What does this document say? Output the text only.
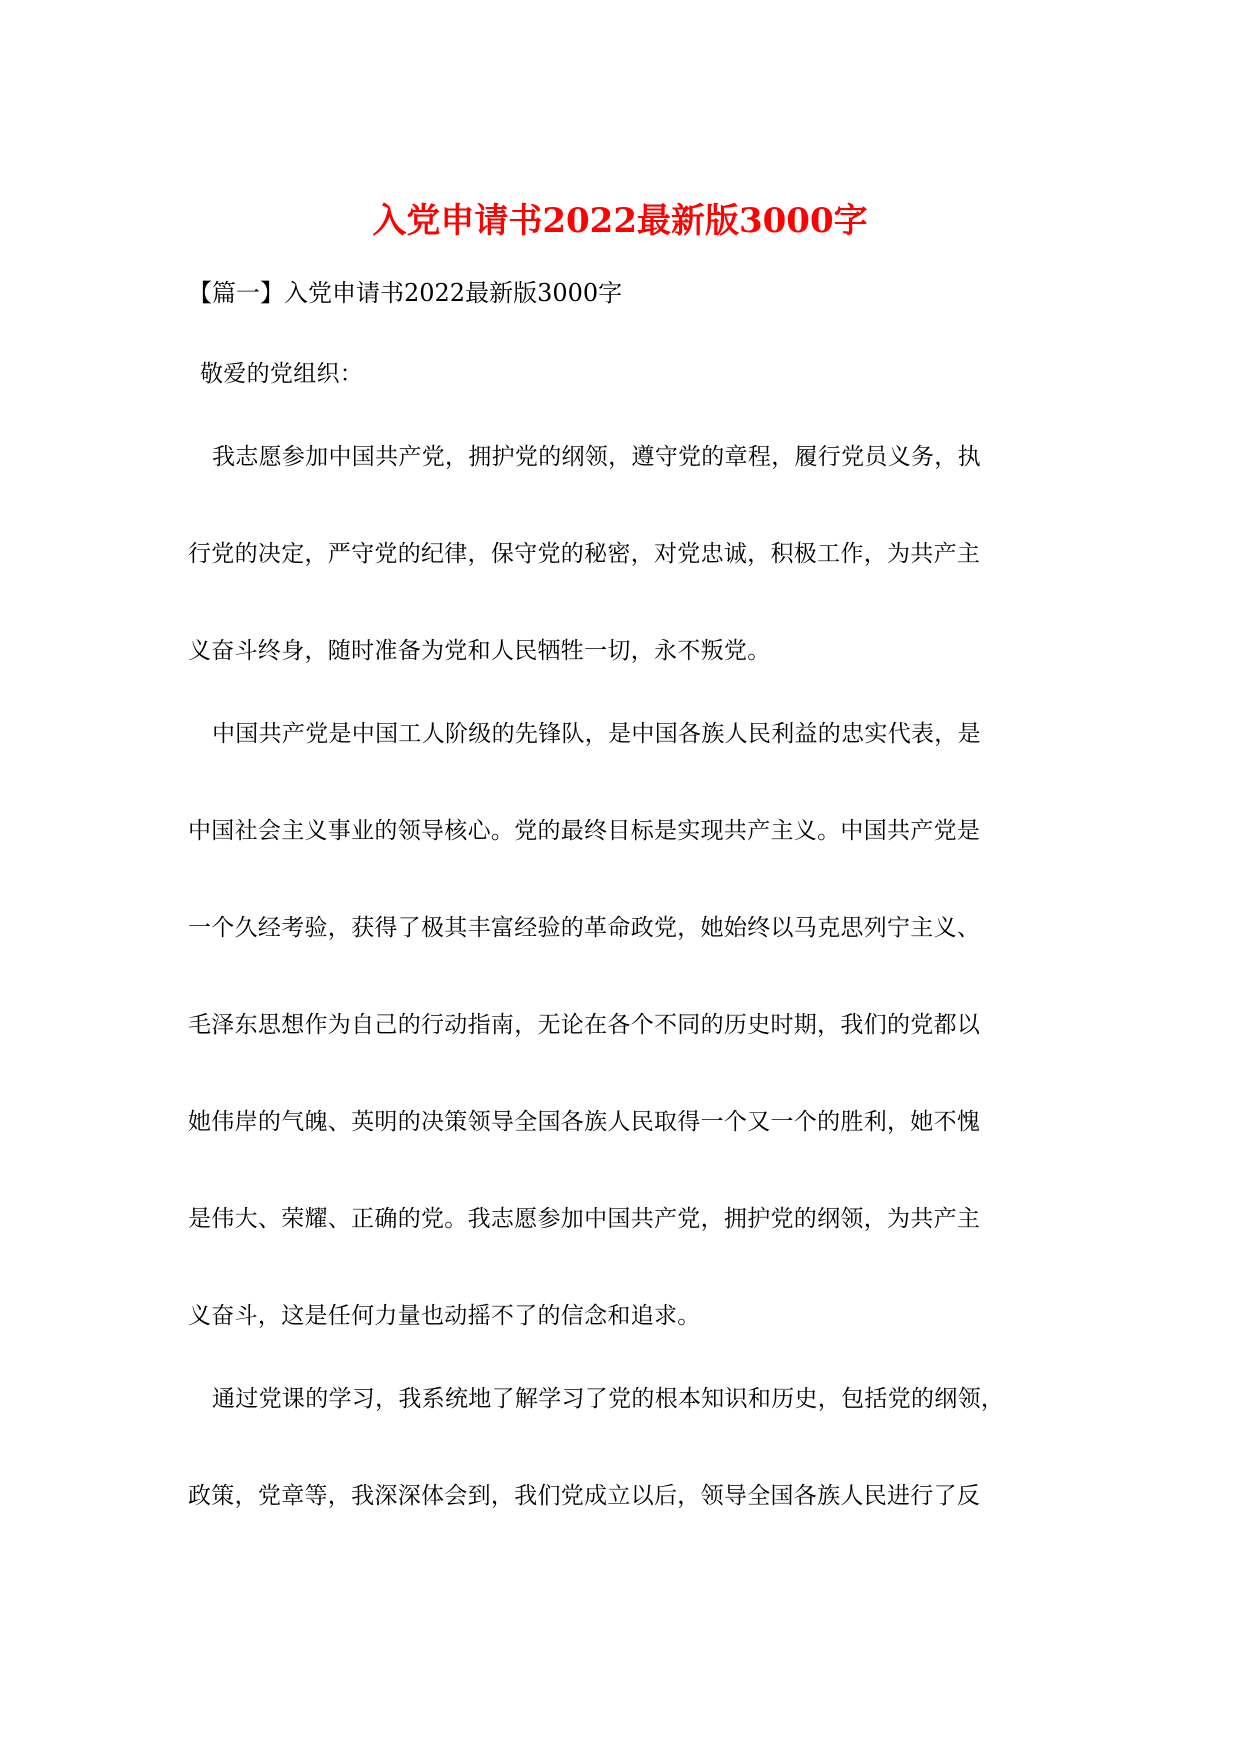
入党申请书2022最新版3000字
【篇一】入党申请书2022最新版3000字
敬爱的党组织：
我志愿参加中国共产党，拥护党的纲领，遵守党的章程，履行党员义务，执
行党的决定，严守党的纪律，保守党的秘密，对党忠诚，积极工作，为共产主
义奋斗终身，随时准备为党和人民牺牲一切，永不叛党。
中国共产党是中国工人阶级的先锋队，是中国各族人民利益的忠实代表，是
中国社会主义事业的领导核心。党的最终目标是实现共产主义。中国共产党是
一个久经考验，获得了极其丰富经验的革命政党，她始终以马克思列宁主义、
毛泽东思想作为自己的行动指南，无论在各个不同的历史时期，我们的党都以
她伟岸的气魄、英明的决策领导全国各族人民取得一个又一个的胜利，她不愧
是伟大、荣耀、正确的党。我志愿参加中国共产党，拥护党的纲领，为共产主
义奋斗，这是任何力量也动摇不了的信念和追求。
通过党课的学习，我系统地了解学习了党的根本知识和历史，包括党的纲领，
政策，党章等，我深深体会到，我们党成立以后，领导全国各族人民进行了反
